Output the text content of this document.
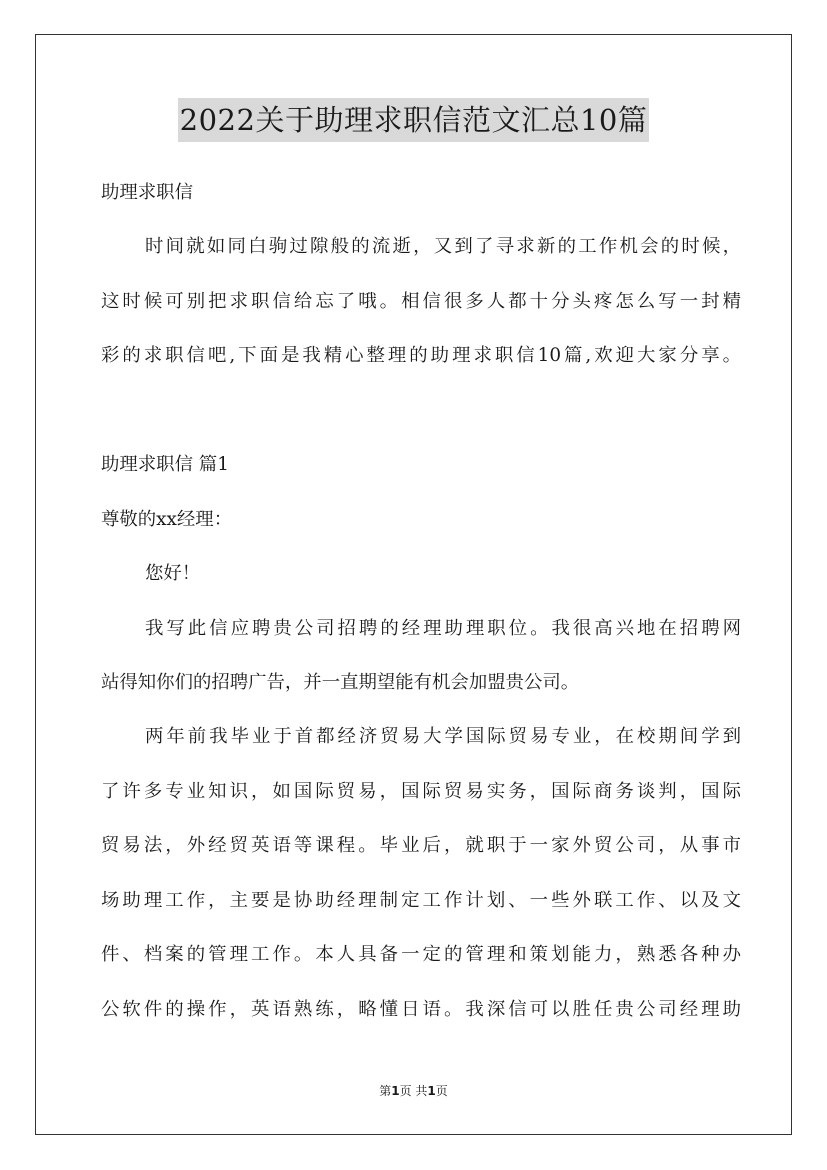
2022关于助理求职信范文汇总10篇
助理求职信
时间就如同白驹过隙般的流逝，又到了寻求新的工作机会的时候，
这时候可别把求职信给忘了哦。相信很多人都十分头疼怎么写一封精
彩的求职信吧,下面是我精心整理的助理求职信10篇,欢迎大家分享。
助理求职信 篇1
尊敬的xx经理：
您好！
我写此信应聘贵公司招聘的经理助理职位。我很高兴地在招聘网
站得知你们的招聘广告，并一直期望能有机会加盟贵公司。
两年前我毕业于首都经济贸易大学国际贸易专业，在校期间学到
了许多专业知识，如国际贸易，国际贸易实务，国际商务谈判，国际
贸易法，外经贸英语等课程。毕业后，就职于一家外贸公司，从事市
场助理工作，主要是协助经理制定工作计划、一些外联工作、以及文
件、档案的管理工作。本人具备一定的管理和策划能力，熟悉各种办
公软件的操作，英语熟练，略懂日语。我深信可以胜任贵公司经理助
第1页 共1页
